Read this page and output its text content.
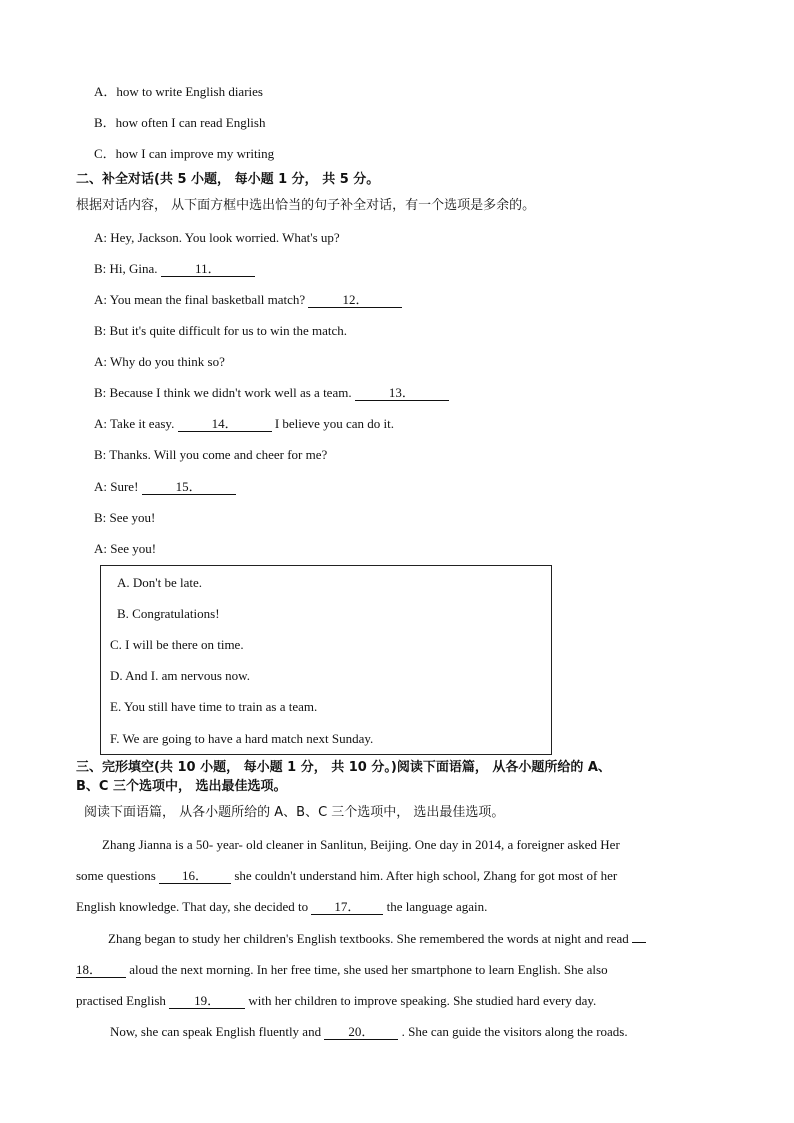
A．how to write English diaries
B．how often I can read English
C．how I can improve my writing
二、补全对话(共 5 小题， 每小题 1 分， 共 5 分。
根据对话内容， 从下面方框中选出恰当的句子补全对话，有一个选项是多余的。
A: Hey, Jackson. You look worried. What's up?
B: Hi, Gina.	11．
A: You mean the final basketball match?	12．
B: But it's quite difficult for us to win the match.
A: Why do you think so?
B: Because I think we didn't work well as a team.	13．
A: Take it easy.	14．	I believe you can do it.
B: Thanks. Will you come and cheer for me?
A: Sure!	15．
B: See you!
A: See you!
A. Don't be late.
B. Congratulations!
C. I will be there on time.
D. And I. am nervous now.
E. You still have time to train as a team.
F. We are going to have a hard match next Sunday.
三、完形填空(共 10 小题， 每小题 1 分， 共 10 分。)阅读下面语篇， 从各小题所给的 A、
B、C 三个选项中， 选出最佳选项。
阅读下面语篇， 从各小题所给的 A、B、C 三个选项中， 选出最佳选项。
Zhang Jianna is a 50- year- old cleaner in Sanlitun, Beijing. One day in 2014, a foreigner asked Her
some questions 16． she couldn't understand him. After high school, Zhang for got most of her
English knowledge. That day, she decided to 17． the language again.
Zhang began to study her children's English textbooks. She remembered the words at night and read
18． aloud the next morning. In her free time, she used her smartphone to learn English. She also
practised English 19． with her children to improve speaking. She studied hard every day.
Now, she can speak English fluently and 20． . She can guide the visitors along the roads.
